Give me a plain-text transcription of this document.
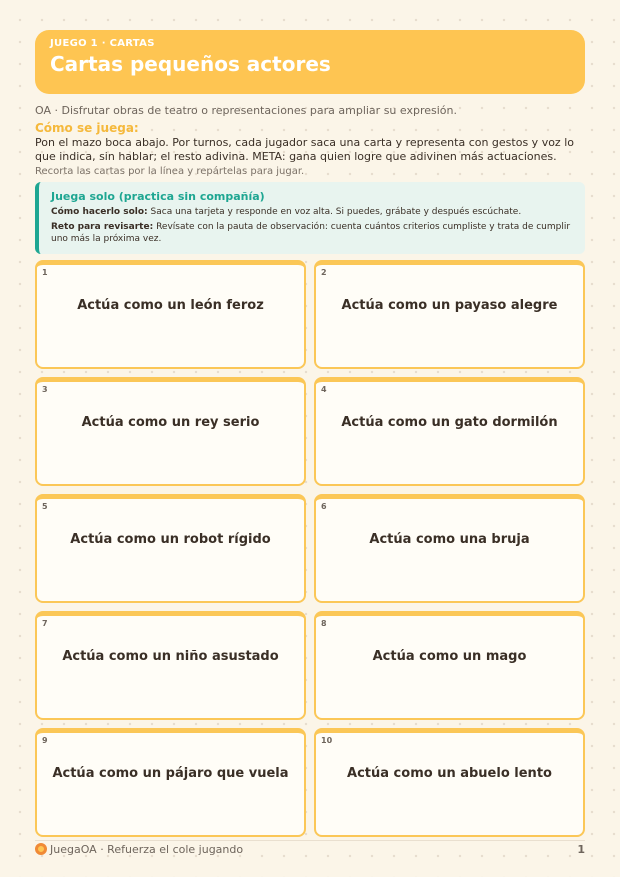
JUEGO 1 · CARTAS
Cartas pequeños actores
OA · Disfrutar obras de teatro o representaciones para ampliar su expresión.
Cómo se juega:
Pon el mazo boca abajo. Por turnos, cada jugador saca una carta y representa con gestos y voz lo que indica, sin hablar; el resto adivina. META: gana quien logre que adivinen más actuaciones.
Recorta las cartas por la línea y repártelas para jugar.
Juega solo (practica sin compañía)
Cómo hacerlo solo: Saca una tarjeta y responde en voz alta. Si puedes, grábate y después escúchate.
Reto para revisarte: Revísate con la pauta de observación: cuenta cuántos criterios cumpliste y trata de cumplir uno más la próxima vez.
1
Actúa como un león feroz
2
Actúa como un payaso alegre
3
Actúa como un rey serio
4
Actúa como un gato dormilón
5
Actúa como un robot rígido
6
Actúa como una bruja
7
Actúa como un niño asustado
8
Actúa como un mago
9
Actúa como un pájaro que vuela
10
Actúa como un abuelo lento
JuegaOA · Refuerza el cole jugando	1
